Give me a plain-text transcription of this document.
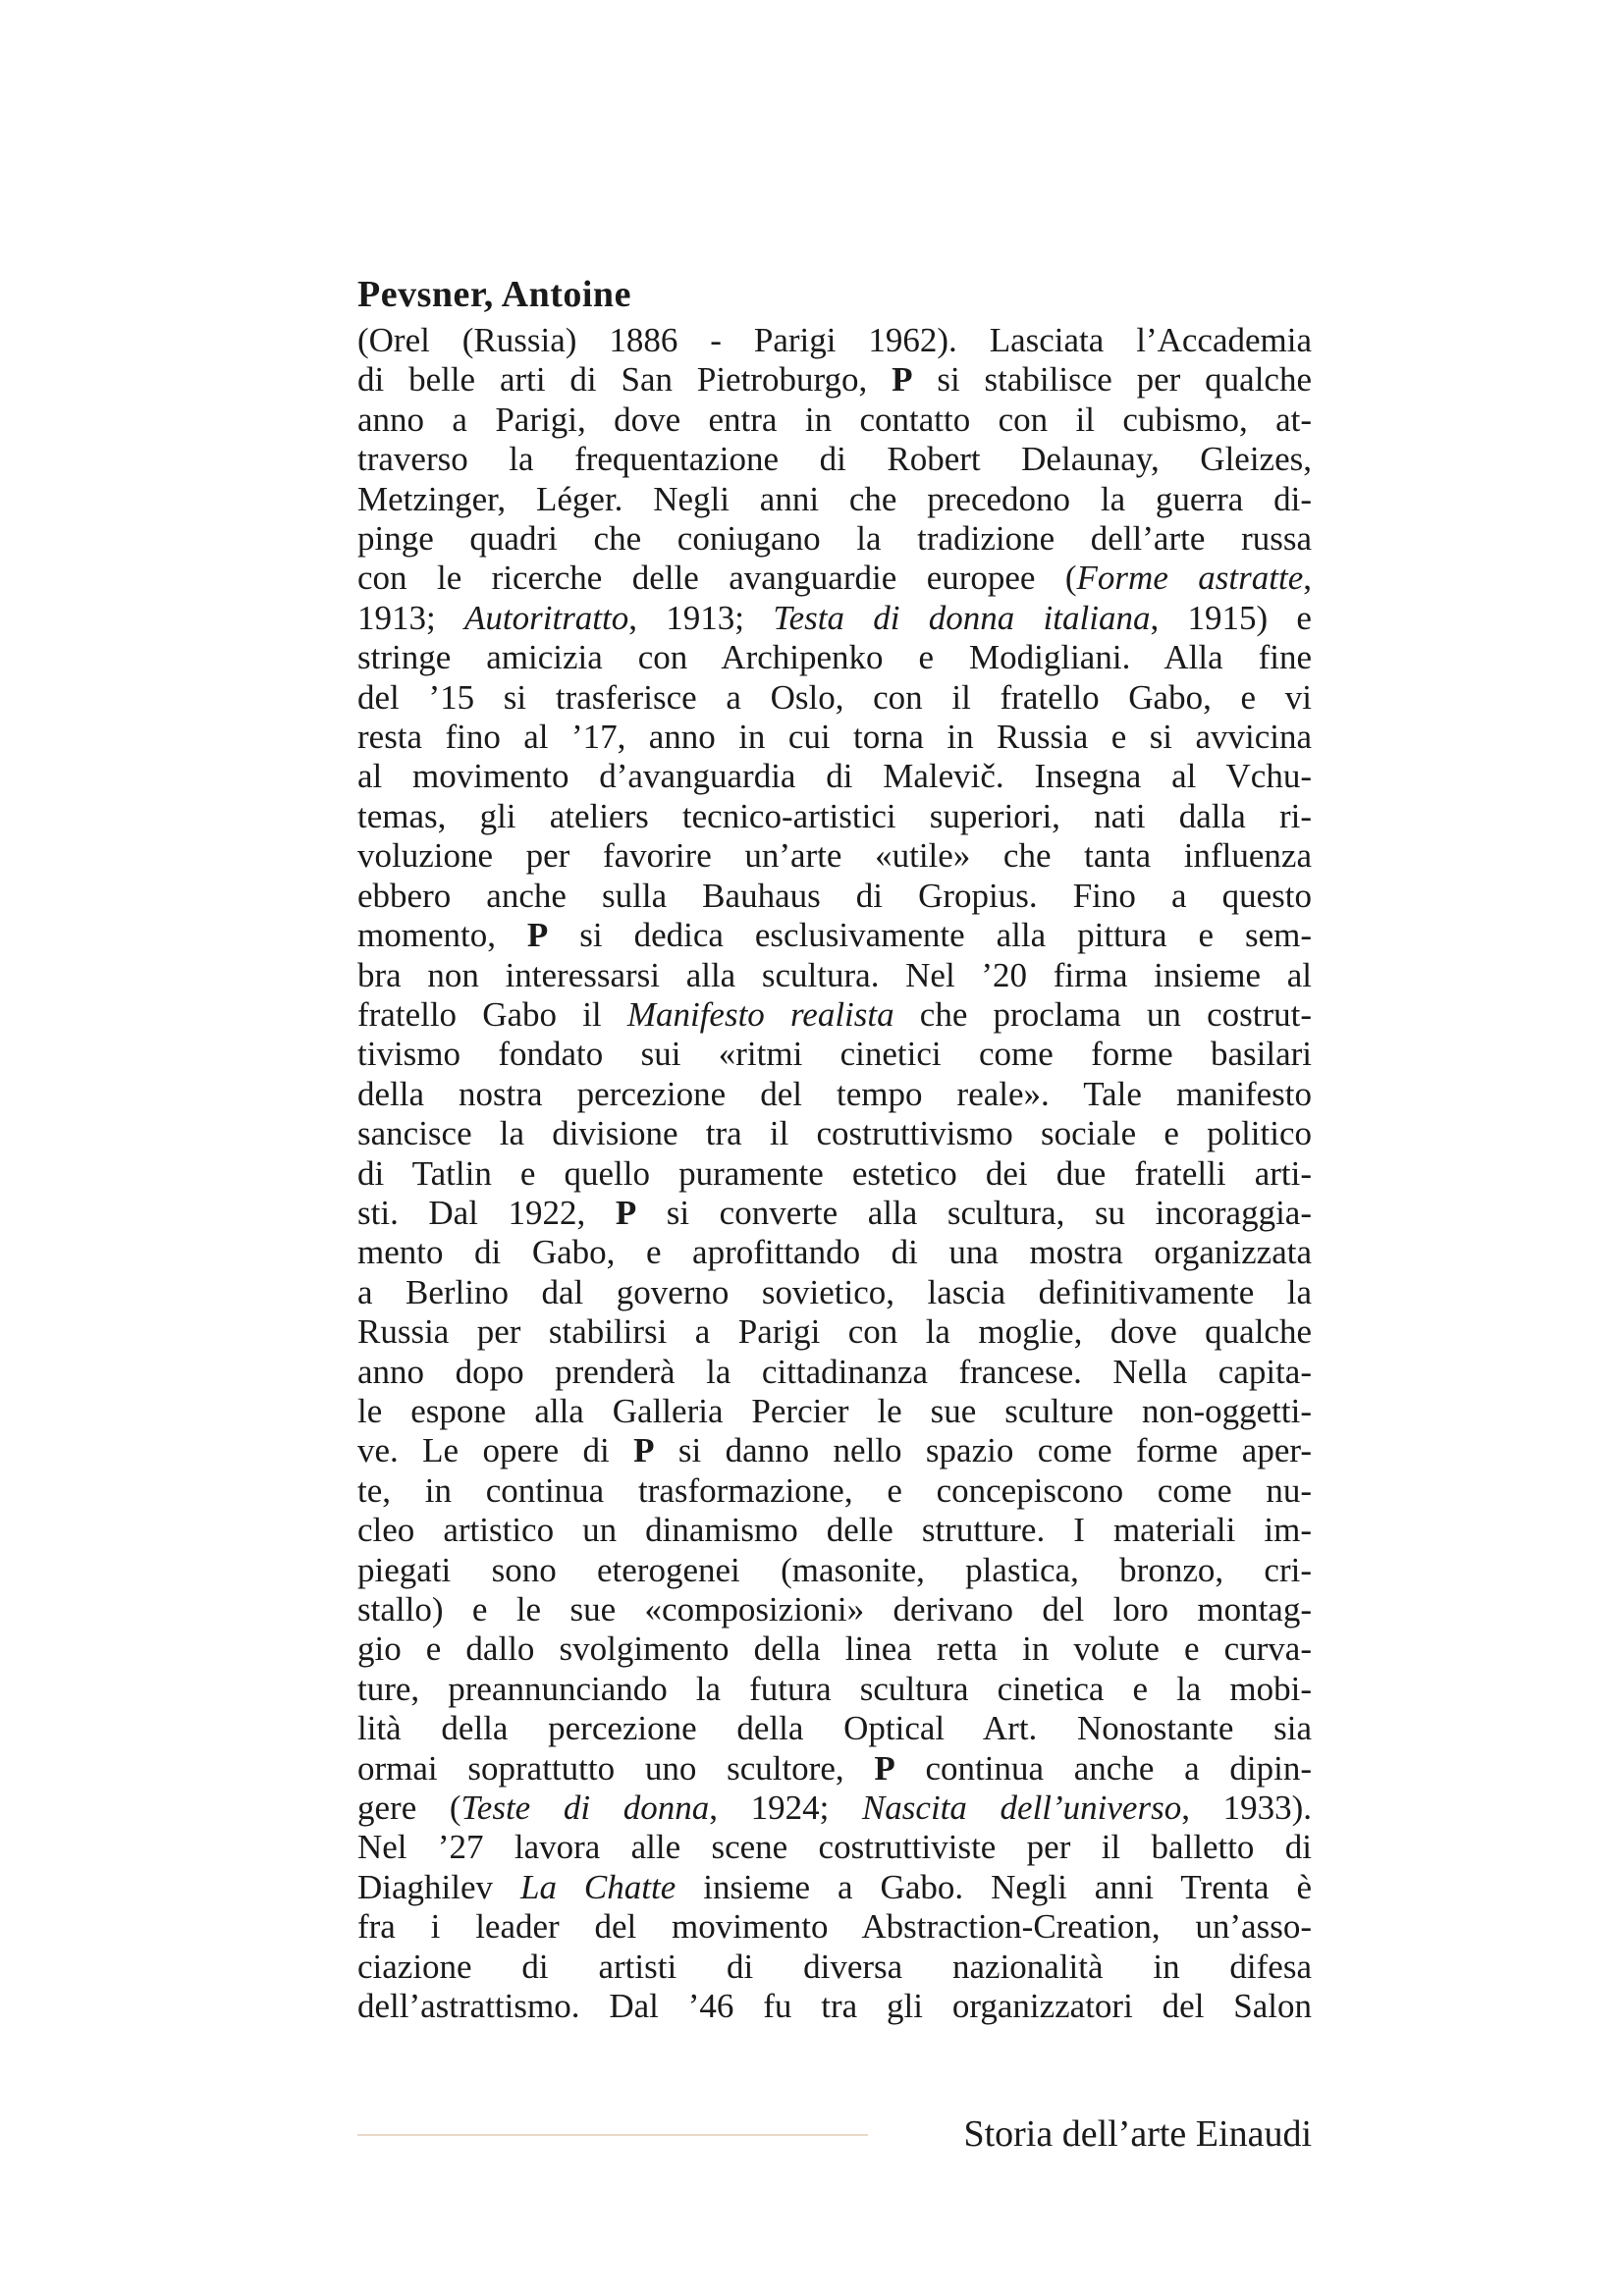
Pevsner, Antoine
(Orel (Russia) 1886 - Parigi 1962). Lasciata l’Accademia
di belle arti di San Pietroburgo, P si stabilisce per qualche
anno a Parigi, dove entra in contatto con il cubismo, at-
traverso la frequentazione di Robert Delaunay, Gleizes,
Metzinger, Léger. Negli anni che precedono la guerra di-
pinge quadri che coniugano la tradizione dell’arte russa
con le ricerche delle avanguardie europee (Forme astratte,
1913; Autoritratto, 1913; Testa di donna italiana, 1915) e
stringe amicizia con Archipenko e Modigliani. Alla fine
del ’15 si trasferisce a Oslo, con il fratello Gabo, e vi
resta fino al ’17, anno in cui torna in Russia e si avvicina
al movimento d’avanguardia di Malevič. Insegna al Vchu-
temas, gli ateliers tecnico-artistici superiori, nati dalla ri-
voluzione per favorire un’arte «utile» che tanta influenza
ebbero anche sulla Bauhaus di Gropius. Fino a questo
momento, P si dedica esclusivamente alla pittura e sem-
bra non interessarsi alla scultura. Nel ’20 firma insieme al
fratello Gabo il Manifesto realista che proclama un costrut-
tivismo fondato sui «ritmi cinetici come forme basilari
della nostra percezione del tempo reale». Tale manifesto
sancisce la divisione tra il costruttivismo sociale e politico
di Tatlin e quello puramente estetico dei due fratelli arti-
sti. Dal 1922, P si converte alla scultura, su incoraggia-
mento di Gabo, e aprofittando di una mostra organizzata
a Berlino dal governo sovietico, lascia definitivamente la
Russia per stabilirsi a Parigi con la moglie, dove qualche
anno dopo prenderà la cittadinanza francese. Nella capita-
le espone alla Galleria Percier le sue sculture non-oggetti-
ve. Le opere di P si danno nello spazio come forme aper-
te, in continua trasformazione, e concepiscono come nu-
cleo artistico un dinamismo delle strutture. I materiali im-
piegati sono eterogenei (masonite, plastica, bronzo, cri-
stallo) e le sue «composizioni» derivano del loro montag-
gio e dallo svolgimento della linea retta in volute e curva-
ture, preannunciando la futura scultura cinetica e la mobi-
lità della percezione della Optical Art. Nonostante sia
ormai soprattutto uno scultore, P continua anche a dipin-
gere (Teste di donna, 1924; Nascita dell’universo, 1933).
Nel ’27 lavora alle scene costruttiviste per il balletto di
Diaghilev La Chatte insieme a Gabo. Negli anni Trenta è
fra i leader del movimento Abstraction-Creation, un’asso-
ciazione di artisti di diversa nazionalità in difesa
dell’astrattismo. Dal ’46 fu tra gli organizzatori del Salon
Storia dell’arte Einaudi
